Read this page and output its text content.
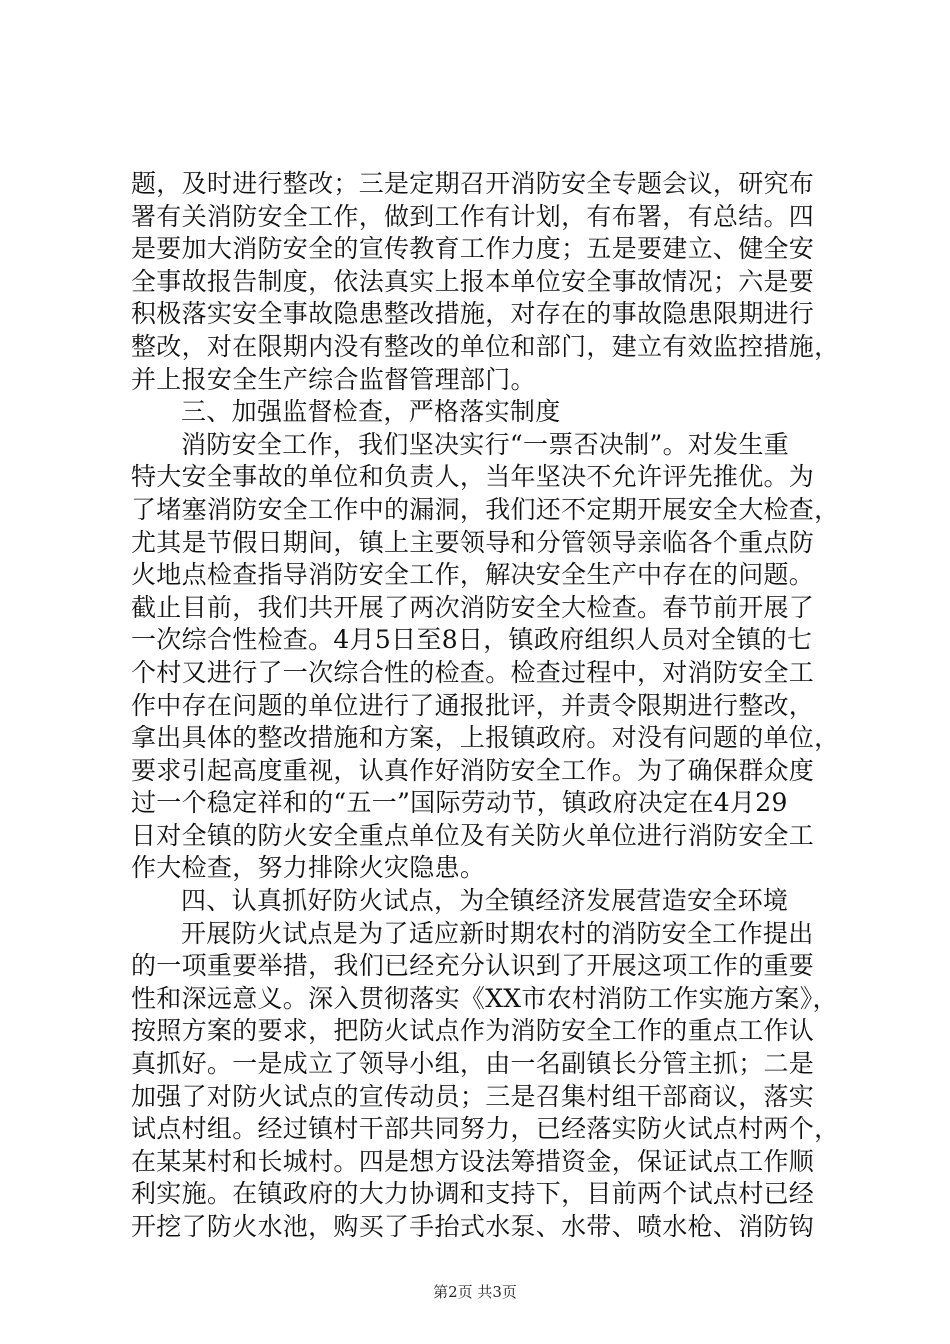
题，及时进行整改；三是定期召开消防安全专题会议，研究布
署有关消防安全工作，做到工作有计划，有布署，有总结。四
是要加大消防安全的宣传教育工作力度；五是要建立、健全安
全事故报告制度，依法真实上报本单位安全事故情况；六是要
积极落实安全事故隐患整改措施，对存在的事故隐患限期进行
整改，对在限期内没有整改的单位和部门，建立有效监控措施，
并上报安全生产综合监督管理部门。
三、加强监督检查，严格落实制度
消防安全工作，我们坚决实行“一票否决制”。对发生重
特大安全事故的单位和负责人，当年坚决不允许评先推优。为
了堵塞消防安全工作中的漏洞，我们还不定期开展安全大检查，
尤其是节假日期间，镇上主要领导和分管领导亲临各个重点防
火地点检查指导消防安全工作，解决安全生产中存在的问题。
截止目前，我们共开展了两次消防安全大检查。春节前开展了
一次综合性检查。4月5日至8日，镇政府组织人员对全镇的七
个村又进行了一次综合性的检查。检查过程中，对消防安全工
作中存在问题的单位进行了通报批评，并责令限期进行整改，
拿出具体的整改措施和方案，上报镇政府。对没有问题的单位，
要求引起高度重视，认真作好消防安全工作。为了确保群众度
过一个稳定祥和的“五一”国际劳动节，镇政府决定在4月29
日对全镇的防火安全重点单位及有关防火单位进行消防安全工
作大检查，努力排除火灾隐患。
四、认真抓好防火试点，为全镇经济发展营造安全环境
开展防火试点是为了适应新时期农村的消防安全工作提出
的一项重要举措，我们已经充分认识到了开展这项工作的重要
性和深远意义。深入贯彻落实《XX市农村消防工作实施方案》，
按照方案的要求，把防火试点作为消防安全工作的重点工作认
真抓好。一是成立了领导小组，由一名副镇长分管主抓；二是
加强了对防火试点的宣传动员；三是召集村组干部商议，落实
试点村组。经过镇村干部共同努力，已经落实防火试点村两个，
在某某村和长城村。四是想方设法筹措资金，保证试点工作顺
利实施。在镇政府的大力协调和支持下，目前两个试点村已经
开挖了防火水池，购买了手抬式水泵、水带、喷水枪、消防钩
第2页 共3页
